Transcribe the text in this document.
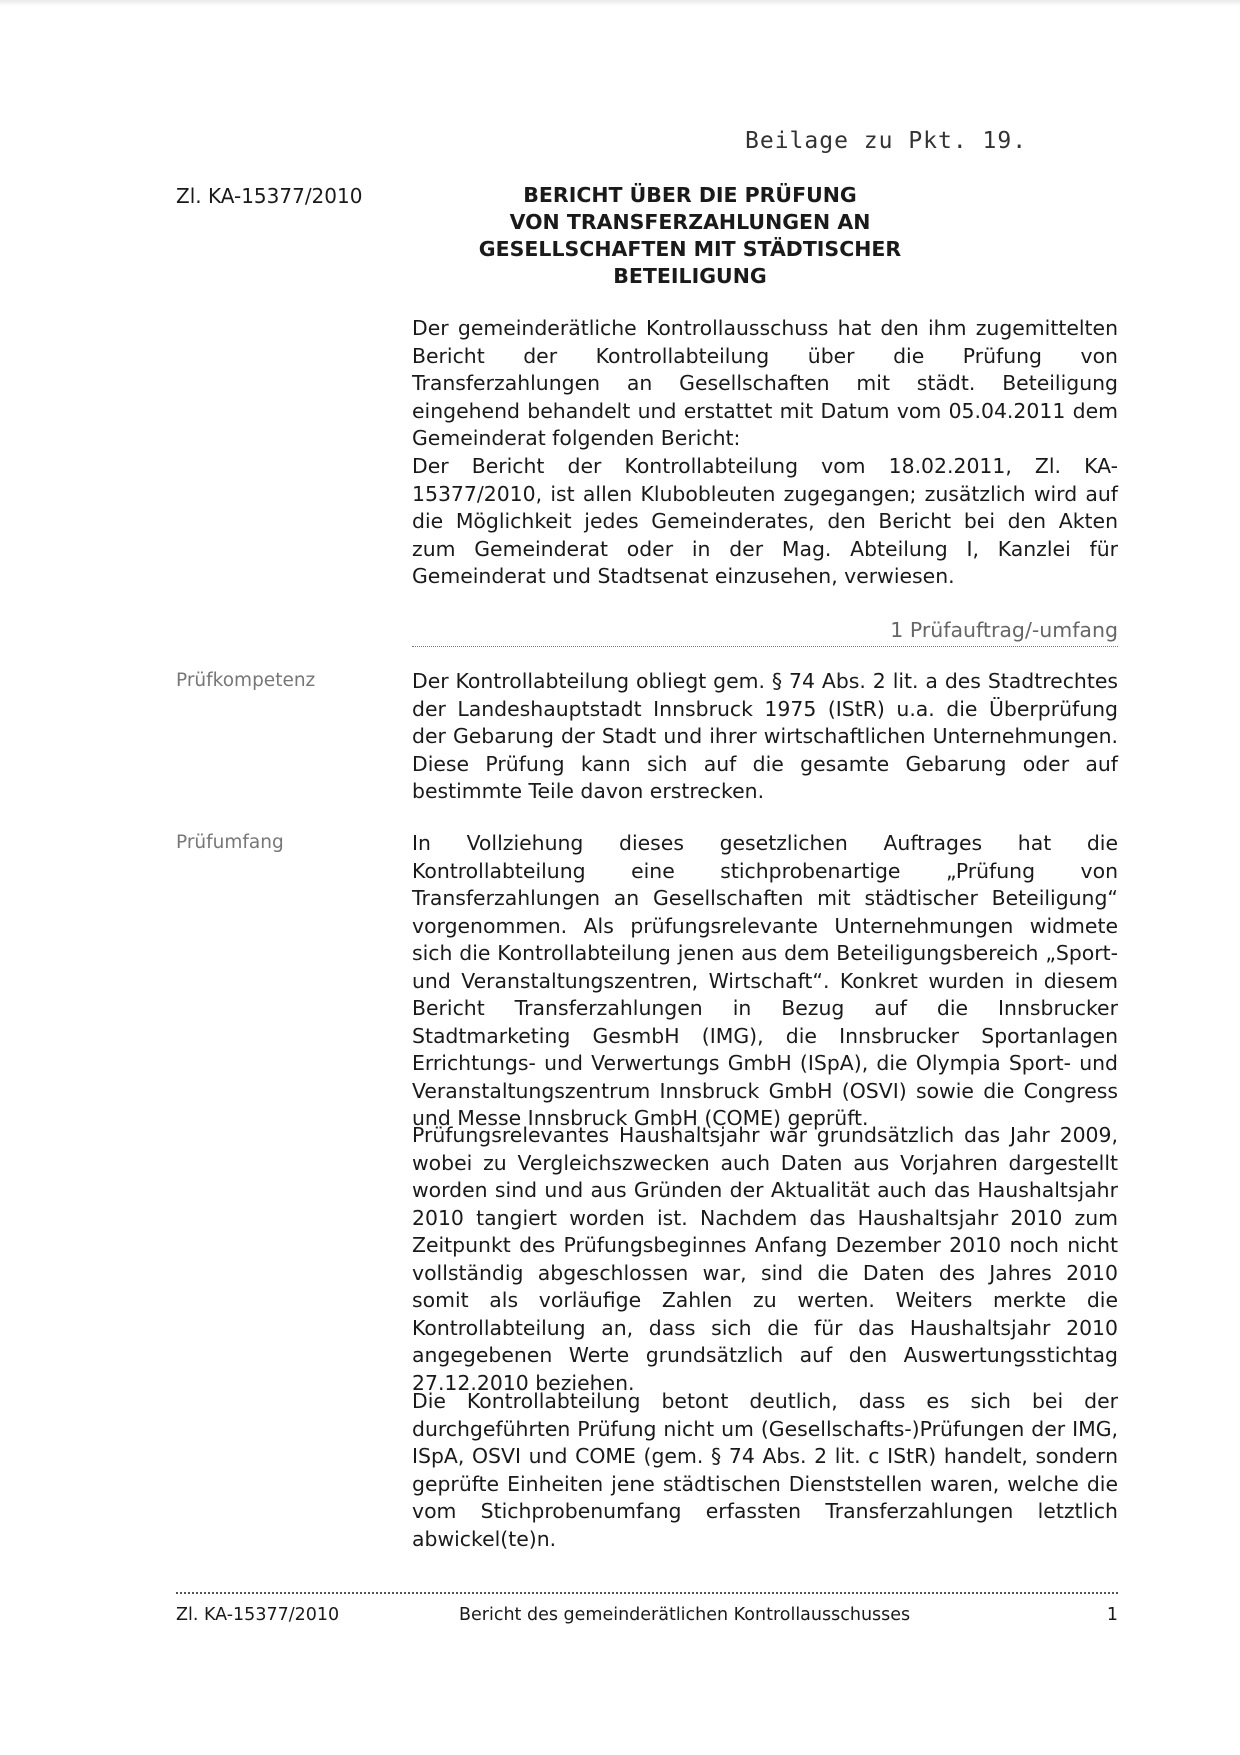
Beilage zu Pkt. 19.
Zl. KA-15377/2010	BERICHT ÜBER DIE PRÜFUNG
VON TRANSFERZAHLUNGEN AN
GESELLSCHAFTEN MIT STÄDTISCHER BETEILIGUNG

Der gemeinderätliche Kontrollausschuss hat den ihm zugemittelten Bericht der Kontrollabteilung über die Prüfung von Transferzahlungen an Gesellschaften mit städt. Beteiligung eingehend behandelt und erstattet mit Datum vom 05.04.2011 dem Gemeinderat folgenden Bericht:

Der Bericht der Kontrollabteilung vom 18.02.2011, Zl. KA-15377/2010, ist allen Klubobleuten zugegangen; zusätzlich wird auf die Möglichkeit jedes Gemeinderates, den Bericht bei den Akten zum Gemeinderat oder in der Mag. Abteilung I, Kanzlei für Gemeinderat und Stadtsenat einzusehen, verwiesen.

1 Prüfauftrag/-umfang
Prüfkompetenz	Der Kontrollabteilung obliegt gem. § 74 Abs. 2 lit. a des Stadtrechtes der Landeshauptstadt Innsbruck 1975 (IStR) u.a. die Überprüfung der Gebarung der Stadt und ihrer wirtschaftlichen Unternehmungen. Diese Prüfung kann sich auf die gesamte Gebarung oder auf bestimmte Teile davon erstrecken.

Prüfumfang	In Vollziehung dieses gesetzlichen Auftrages hat die Kontrollabteilung eine stichprobenartige „Prüfung von Transferzahlungen an Gesellschaften mit städtischer Beteiligung“ vorgenommen. Als prüfungsrelevante Unternehmungen widmete sich die Kontrollabteilung jenen aus dem Beteiligungsbereich „Sport- und Veranstaltungszentren, Wirtschaft“. Konkret wurden in diesem Bericht Transferzahlungen in Bezug auf die Innsbrucker Stadtmarketing GesmbH (IMG), die Innsbrucker Sportanlagen Errichtungs- und Verwertungs GmbH (ISpA), die Olympia Sport- und Veranstaltungszentrum Innsbruck GmbH (OSVI) sowie die Congress und Messe Innsbruck GmbH (COME) geprüft.

Prüfungsrelevantes Haushaltsjahr war grundsätzlich das Jahr 2009, wobei zu Vergleichszwecken auch Daten aus Vorjahren dargestellt worden sind und aus Gründen der Aktualität auch das Haushaltsjahr 2010 tangiert worden ist. Nachdem das Haushaltsjahr 2010 zum Zeitpunkt des Prüfungsbeginnes Anfang Dezember 2010 noch nicht vollständig abgeschlossen war, sind die Daten des Jahres 2010 somit als vorläufige Zahlen zu werten. Weiters merkte die Kontrollabteilung an, dass sich die für das Haushaltsjahr 2010 angegebenen Werte grundsätzlich auf den Auswertungsstichtag 27.12.2010 beziehen.

Die Kontrollabteilung betont deutlich, dass es sich bei der durchgeführten Prüfung nicht um (Gesellschafts-)Prüfungen der IMG, ISpA, OSVI und COME (gem. § 74 Abs. 2 lit. c IStR) handelt, sondern geprüfte Einheiten jene städtischen Dienststellen waren, welche die vom Stichprobenumfang erfassten Transferzahlungen letztlich abwickel(te)n.

Zl. KA-15377/2010	Bericht des gemeinderätlichen Kontrollausschusses	1
